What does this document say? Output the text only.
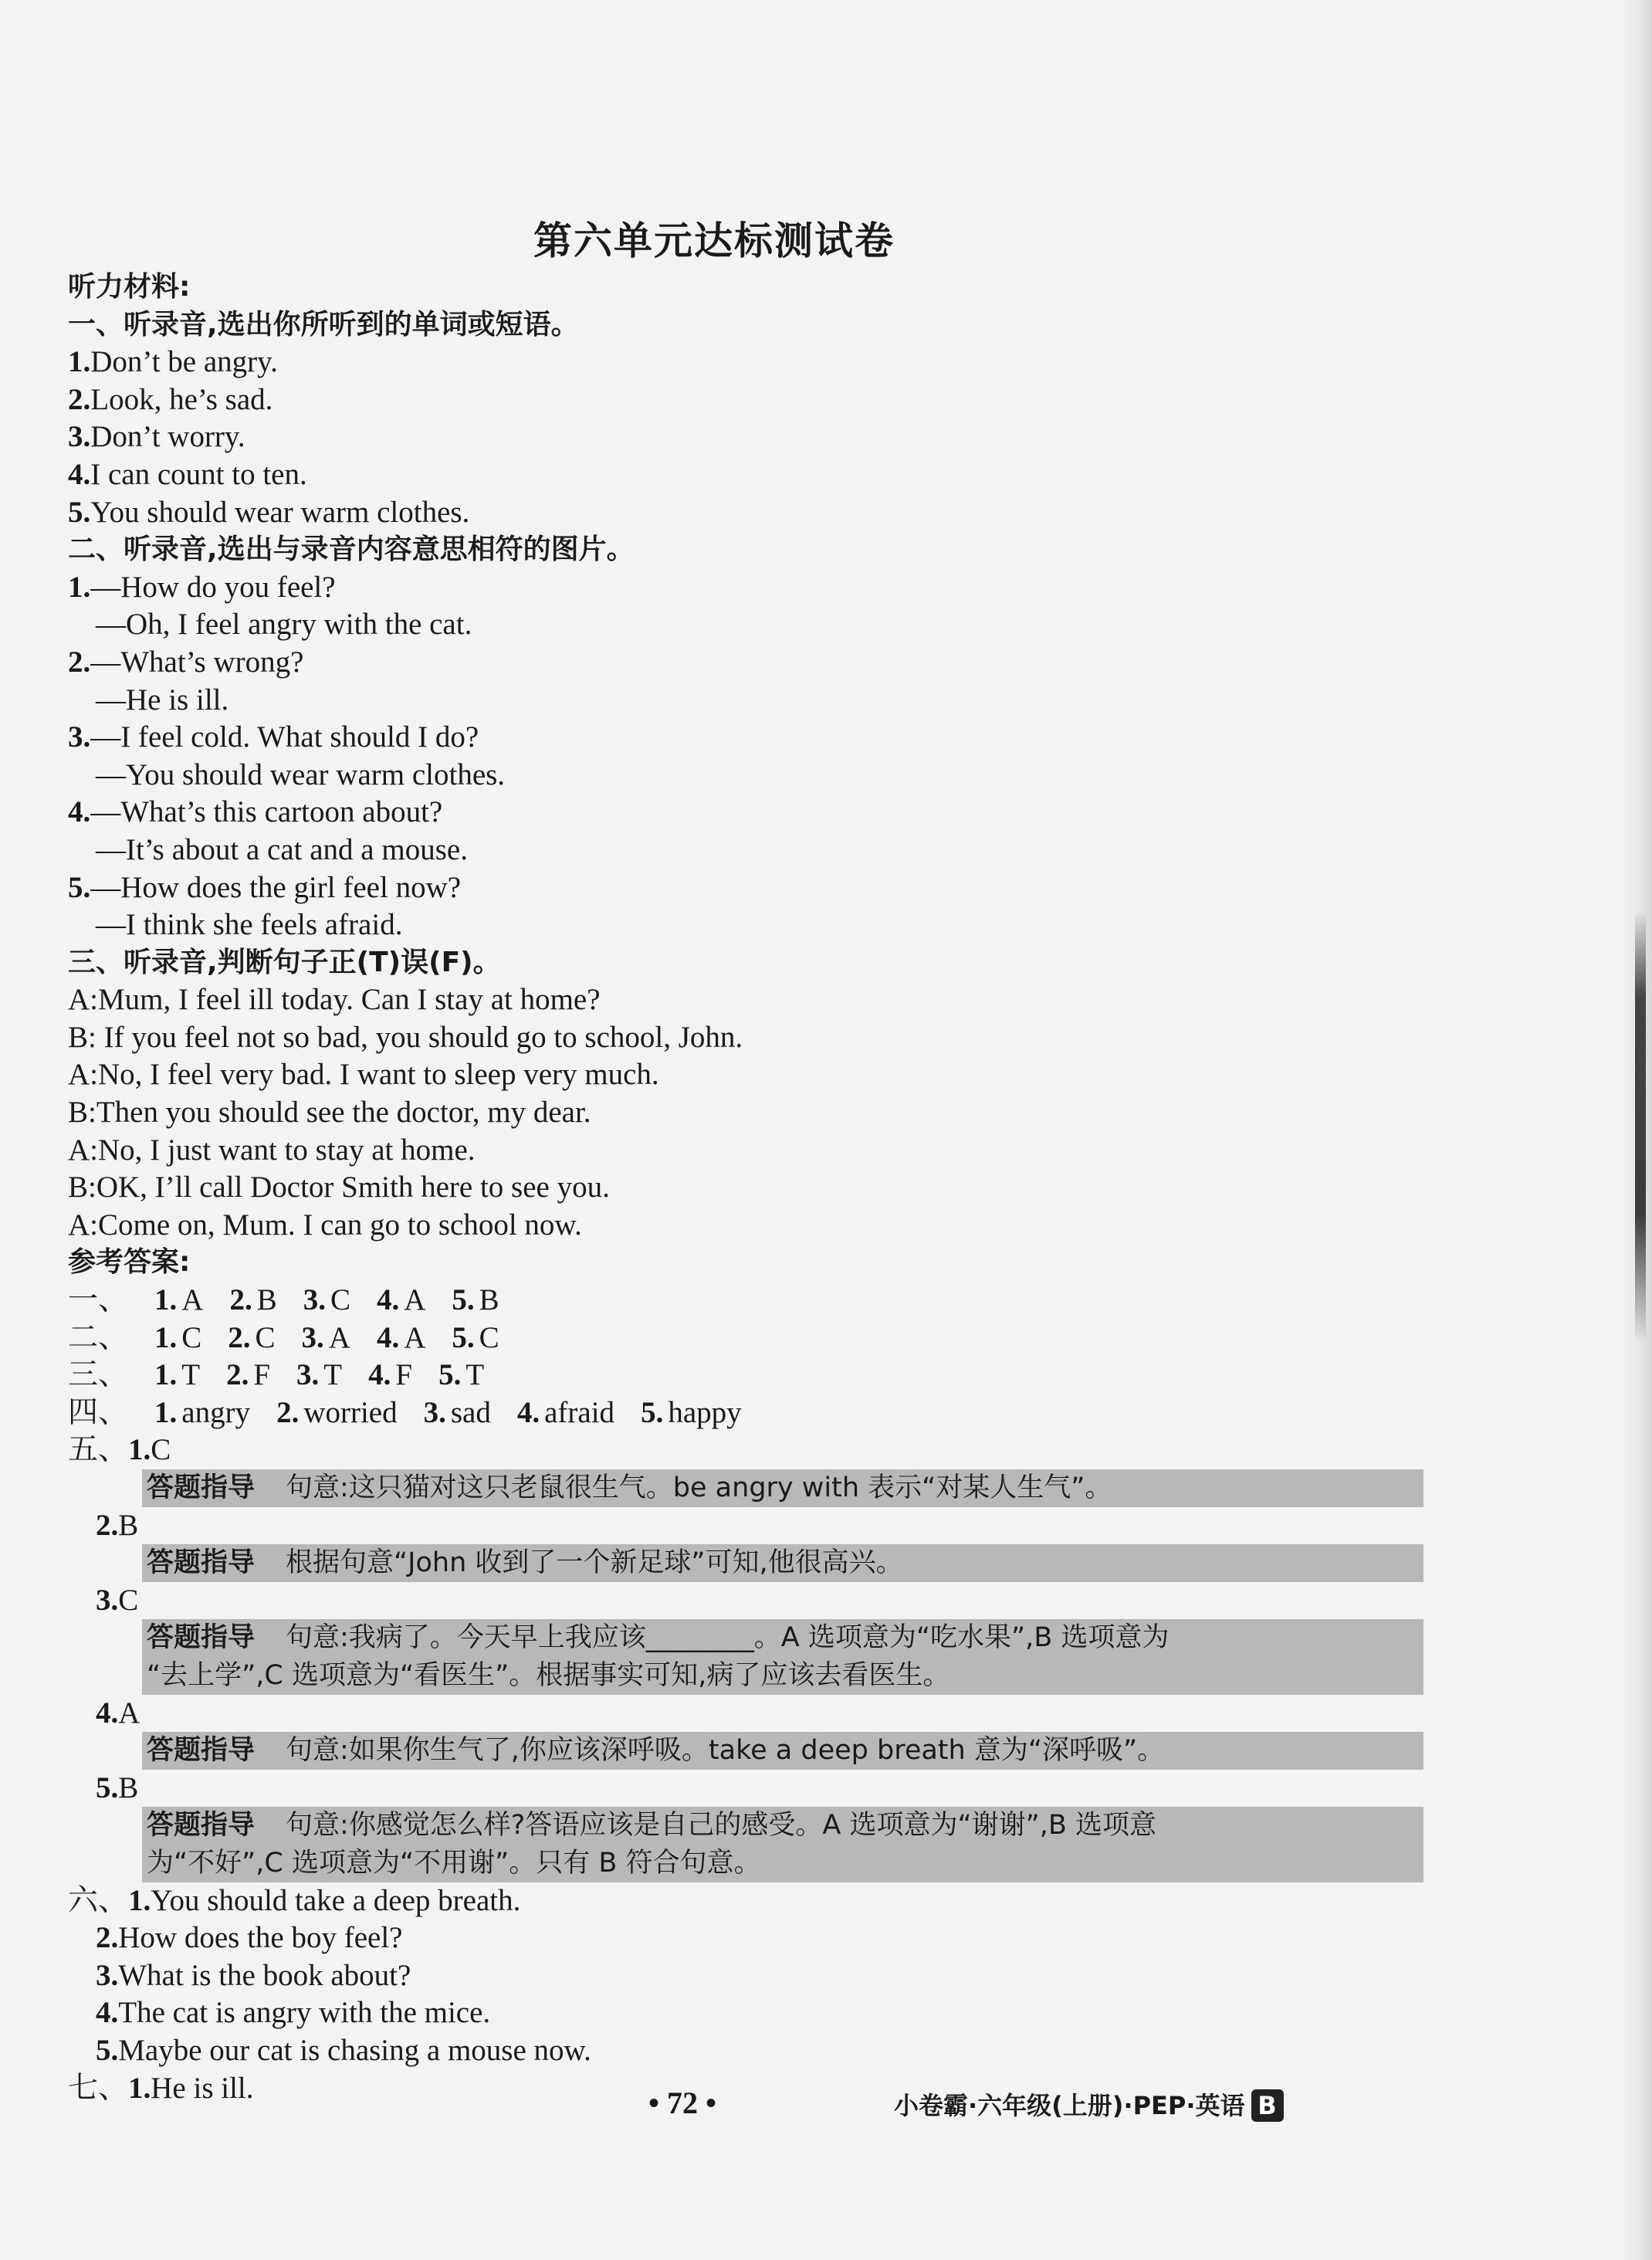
第六单元达标测试卷
听力材料:
一、听录音,选出你所听到的单词或短语。
1.Don’t be angry.
2.Look, he’s sad.
3.Don’t worry.
4.I can count to ten.
5.You should wear warm clothes.
二、听录音,选出与录音内容意思相符的图片。
1.—How do you feel?
—Oh, I feel angry with the cat.
2.—What’s wrong?
—He is ill.
3.—I feel cold. What should I do?
—You should wear warm clothes.
4.—What’s this cartoon about?
—It’s about a cat and a mouse.
5.—How does the girl feel now?
—I think she feels afraid.
三、听录音,判断句子正(T)误(F)。
A:Mum, I feel ill today. Can I stay at home?
B: If you feel not so bad, you should go to school, John.
A:No, I feel very bad. I want to sleep very much.
B:Then you should see the doctor, my dear.
A:No, I just want to stay at home.
B:OK, I’ll call Doctor Smith here to see you.
A:Come on, Mum. I can go to school now.
参考答案:
一、 1. A 2. B 3. C 4. A 5. B
二、 1. C 2. C 3. A 4. A 5. C
三、 1. T 2. F 3. T 4. F 5. T
四、 1. angry 2. worried 3. sad 4. afraid 5. happy
五、1.C
答题指导 句意:这只猫对这只老鼠很生气。be angry with 表示“对某人生气”。
2.B
答题指导 根据句意“John 收到了一个新足球”可知,他很高兴。
3.C
答题指导 句意:我病了。今天早上我应该________。A 选项意为“吃水果”,B 选项意为
“去上学”,C 选项意为“看医生”。根据事实可知,病了应该去看医生。
4.A
答题指导 句意:如果你生气了,你应该深呼吸。take a deep breath 意为“深呼吸”。
5.B
答题指导 句意:你感觉怎么样?答语应该是自己的感受。A 选项意为“谢谢”,B 选项意
为“不好”,C 选项意为“不用谢”。只有 B 符合句意。
六、1.You should take a deep breath.
2.How does the boy feel?
3.What is the book about?
4.The cat is angry with the mice.
5.Maybe our cat is chasing a mouse now.
七、1.He is ill.	• 72 •	小卷霸·六年级(上册)·PEP·英语 B
